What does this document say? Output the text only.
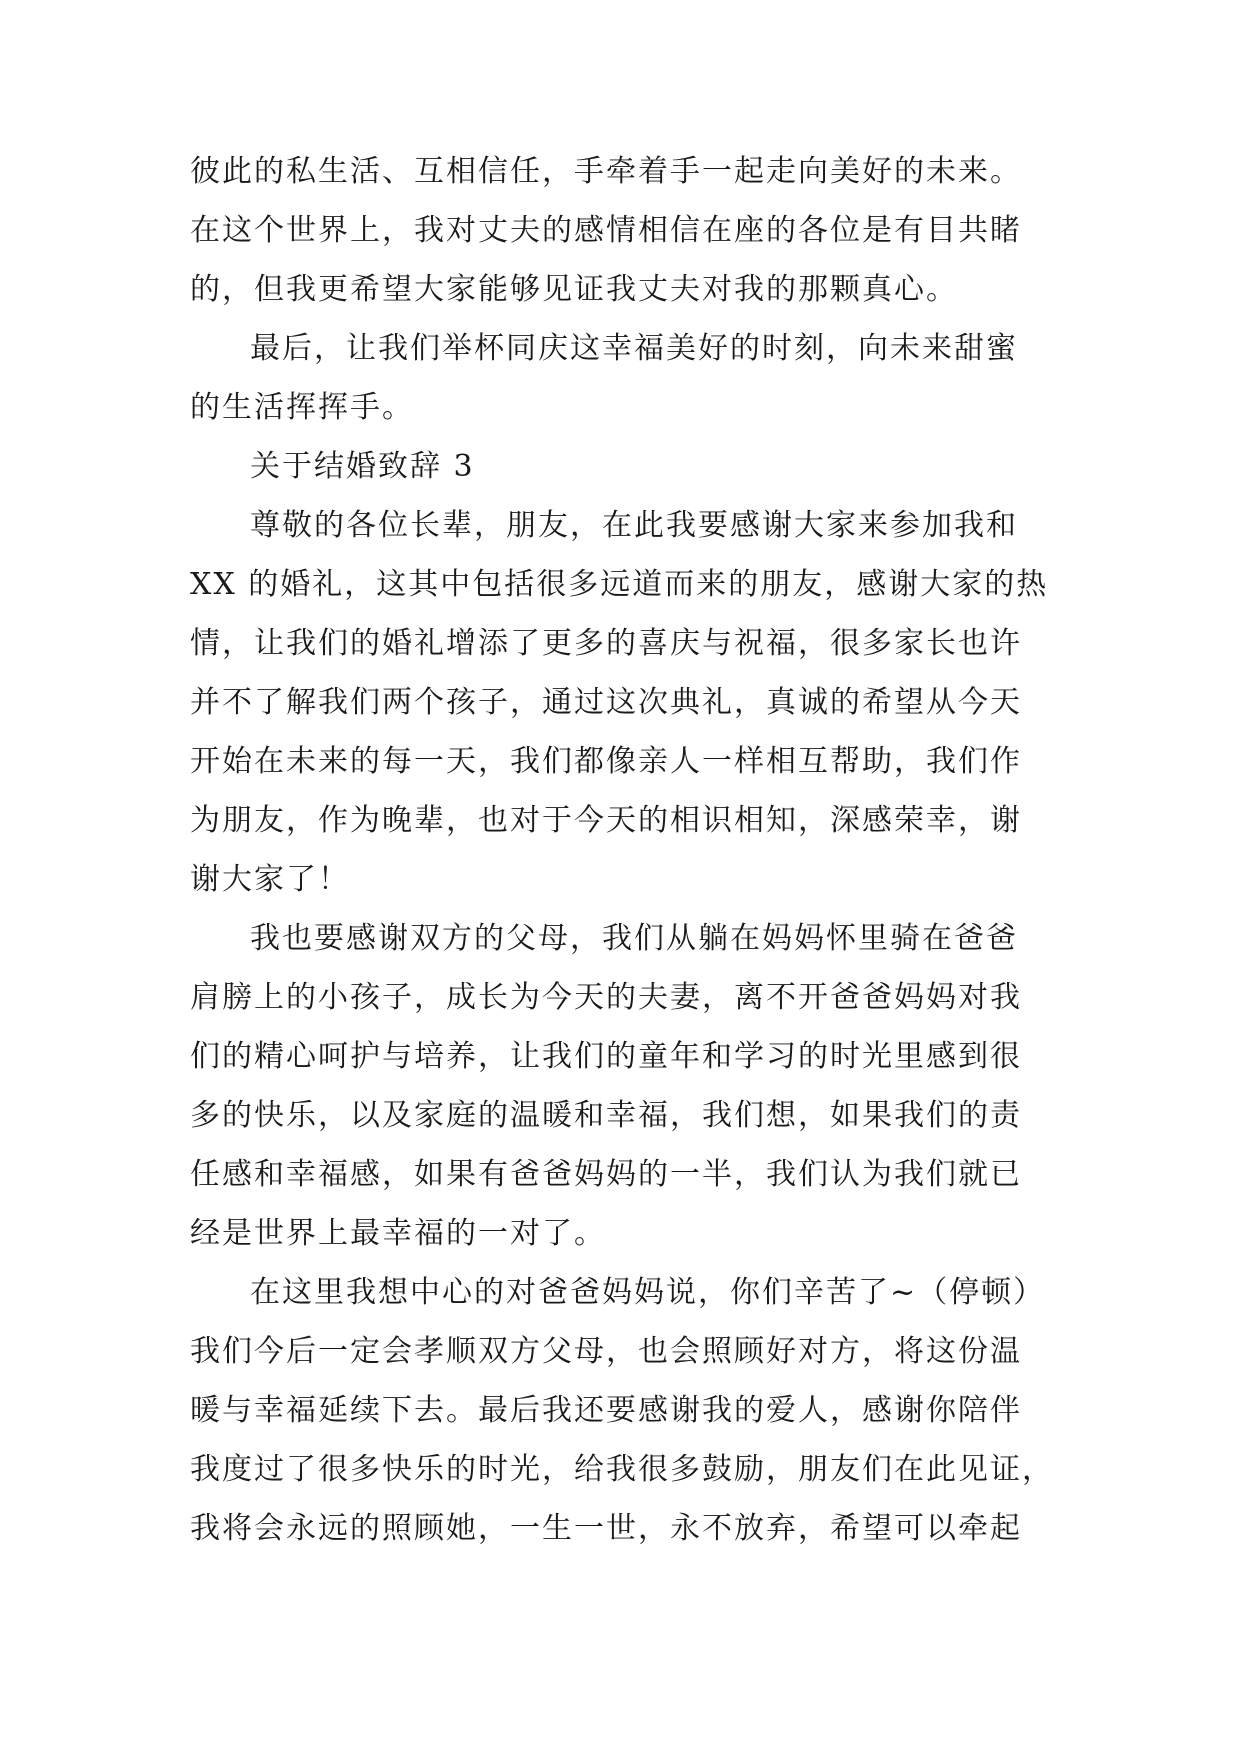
彼此的私生活、互相信任，手牵着手一起走向美好的未来。
在这个世界上，我对丈夫的感情相信在座的各位是有目共睹
的，但我更希望大家能够见证我丈夫对我的那颗真心。
最后，让我们举杯同庆这幸福美好的时刻，向未来甜蜜
的生活挥挥手。
关于结婚致辞 3
尊敬的各位长辈，朋友，在此我要感谢大家来参加我和
XX 的婚礼，这其中包括很多远道而来的朋友，感谢大家的热
情，让我们的婚礼增添了更多的喜庆与祝福，很多家长也许
并不了解我们两个孩子，通过这次典礼，真诚的希望从今天
开始在未来的每一天，我们都像亲人一样相互帮助，我们作
为朋友，作为晚辈，也对于今天的相识相知，深感荣幸，谢
谢大家了！
我也要感谢双方的父母，我们从躺在妈妈怀里骑在爸爸
肩膀上的小孩子，成长为今天的夫妻，离不开爸爸妈妈对我
们的精心呵护与培养，让我们的童年和学习的时光里感到很
多的快乐，以及家庭的温暖和幸福，我们想，如果我们的责
任感和幸福感，如果有爸爸妈妈的一半，我们认为我们就已
经是世界上最幸福的一对了。
在这里我想中心的对爸爸妈妈说，你们辛苦了~（停顿）
我们今后一定会孝顺双方父母，也会照顾好对方，将这份温
暖与幸福延续下去。最后我还要感谢我的爱人，感谢你陪伴
我度过了很多快乐的时光，给我很多鼓励，朋友们在此见证，
我将会永远的照顾她，一生一世，永不放弃，希望可以牵起
